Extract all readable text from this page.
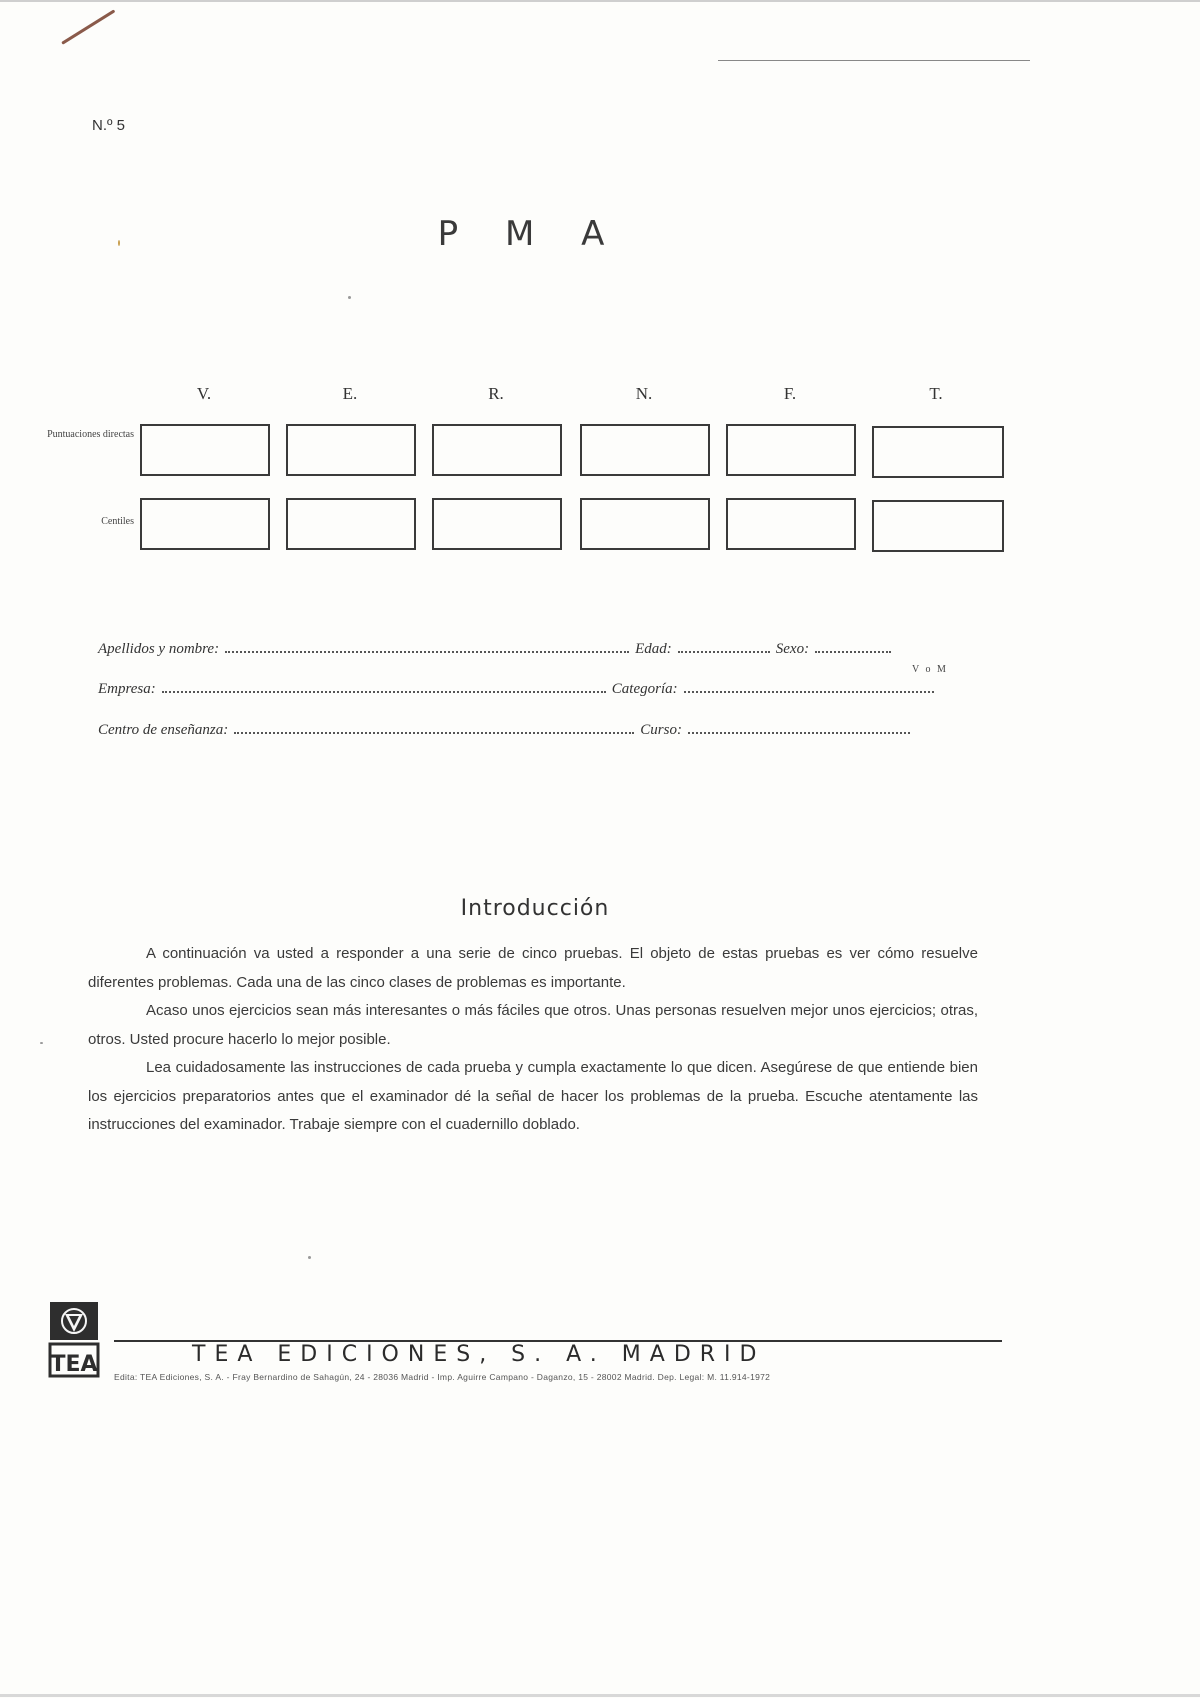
N.º 5
P M A
V.	E.	R.	N.	F.	T.
Puntuaciones directas
Centiles
Apellidos y nombre:	Edad:	Sexo:
V o M
Empresa:	Categoría:
Centro de enseñanza:	Curso:
Introducción

A continuación va usted a responder a una serie de cinco pruebas. El objeto de estas pruebas es ver cómo resuelve diferentes problemas. Cada una de las cinco clases de problemas es importante.

Acaso unos ejercicios sean más interesantes o más fáciles que otros. Unas personas resuelven mejor unos ejercicios; otras, otros. Usted procure hacerlo lo mejor posible.

Lea cuidadosamente las instrucciones de cada prueba y cumpla exactamente lo que dicen. Asegúrese de que entiende bien los ejercicios preparatorios antes que el examinador dé la señal de hacer los problemas de la prueba. Escuche atentamente las instrucciones del examinador. Trabaje siempre con el cuadernillo doblado.

TEA	TEA EDICIONES, S. A. MADRID
Edita: TEA Ediciones, S. A. - Fray Bernardino de Sahagún, 24 - 28036 Madrid - Imp. Aguirre Campano - Daganzo, 15 - 28002 Madrid. Dep. Legal: M. 11.914-1972
